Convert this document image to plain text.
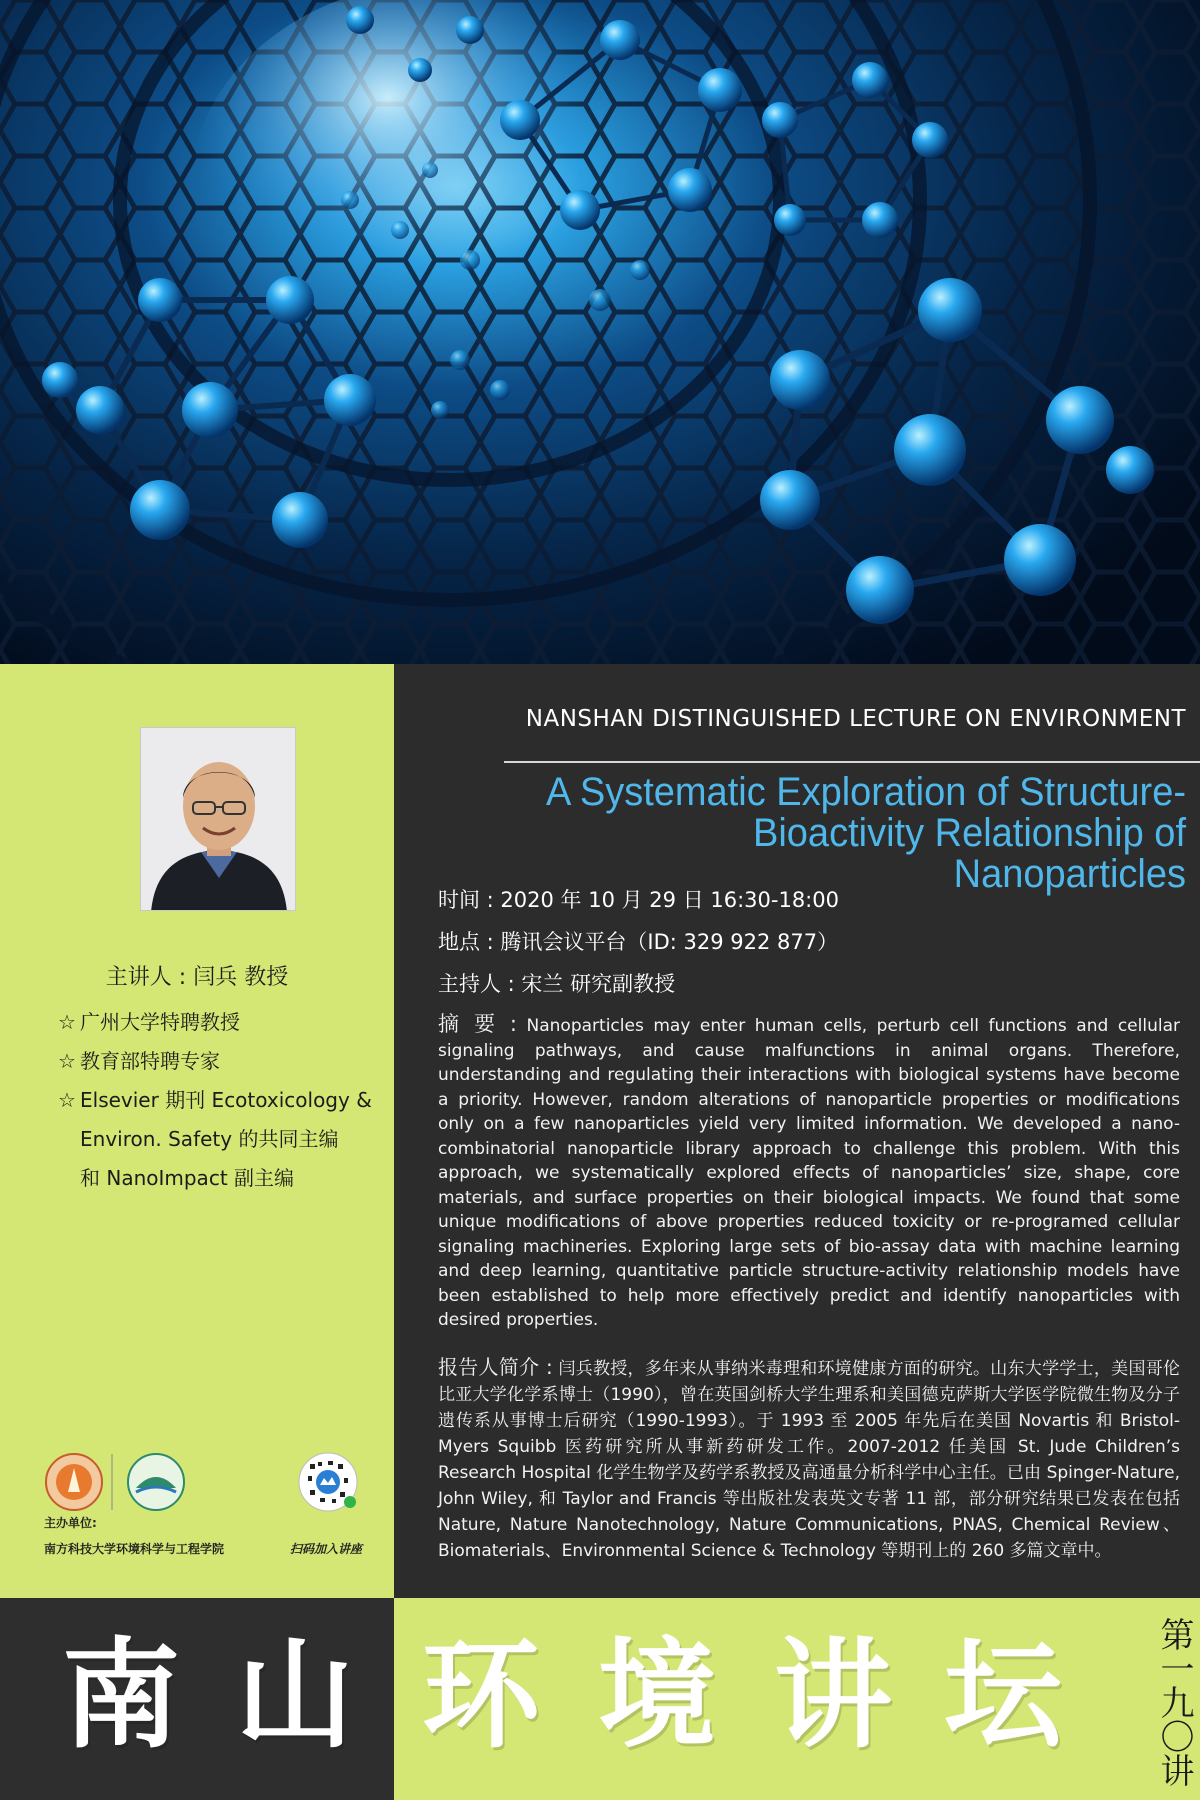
主讲人 : 闫兵 教授
☆ 广州大学特聘教授
☆ 教育部特聘专家
☆ Elsevier 期刊 Ecotoxicology &
Environ. Safety 的共同主编
和 NanoImpact 副主编
主办单位:
南方科技大学环境科学与工程学院	扫码加入讲座
NANSHAN DISTINGUISHED LECTURE ON ENVIRONMENT
A Systematic Exploration of Structure-
Bioactivity Relationship of Nanoparticles
时间 : 2020 年 10 月 29 日 16:30-18:00
地点 : 腾讯会议平台（ID: 329 922 877）
主持人 : 宋兰 研究副教授
摘 要 : Nanoparticles may enter human cells, perturb cell functions and cellular signaling pathways, and cause malfunctions in animal organs. Therefore, understanding and regulating their interactions with biological systems have become a priority. However, random alterations of nanoparticle properties or modifications only on a few nanoparticles yield very limited information. We developed a nano-combinatorial nanoparticle library approach to challenge this problem. With this approach, we systematically explored effects of nanoparticles’ size, shape, core materials, and surface properties on their biological impacts. We found that some unique modifications of above properties reduced toxicity or re-programed cellular signaling machineries. Exploring large sets of bio-assay data with machine learning and deep learning, quantitative particle structure-activity relationship models have been established to help more effectively predict and identify nanoparticles with desired properties.
报告人简介 : 闫兵教授，多年来从事纳米毒理和环境健康方面的研究。山东大学学士，美国哥伦比亚大学化学系博士（1990），曾在英国剑桥大学生理系和美国德克萨斯大学医学院微生物及分子遗传系从事博士后研究（1990-1993）。于 1993 至 2005 年先后在美国 Novartis 和 Bristol-Myers Squibb 医药研究所从事新药研发工作。2007-2012 任美国 St. Jude Children’s Research Hospital 化学生物学及药学系教授及高通量分析科学中心主任。已由 Spinger-Nature, John Wiley, 和 Taylor and Francis 等出版社发表英文专著 11 部，部分研究结果已发表在包括 Nature, Nature Nanotechnology, Nature Communications, PNAS, Chemical Review、Biomaterials、Environmental Science & Technology 等期刊上的 260 多篇文章中。
南 山 环 境 讲 坛	第一九〇讲
